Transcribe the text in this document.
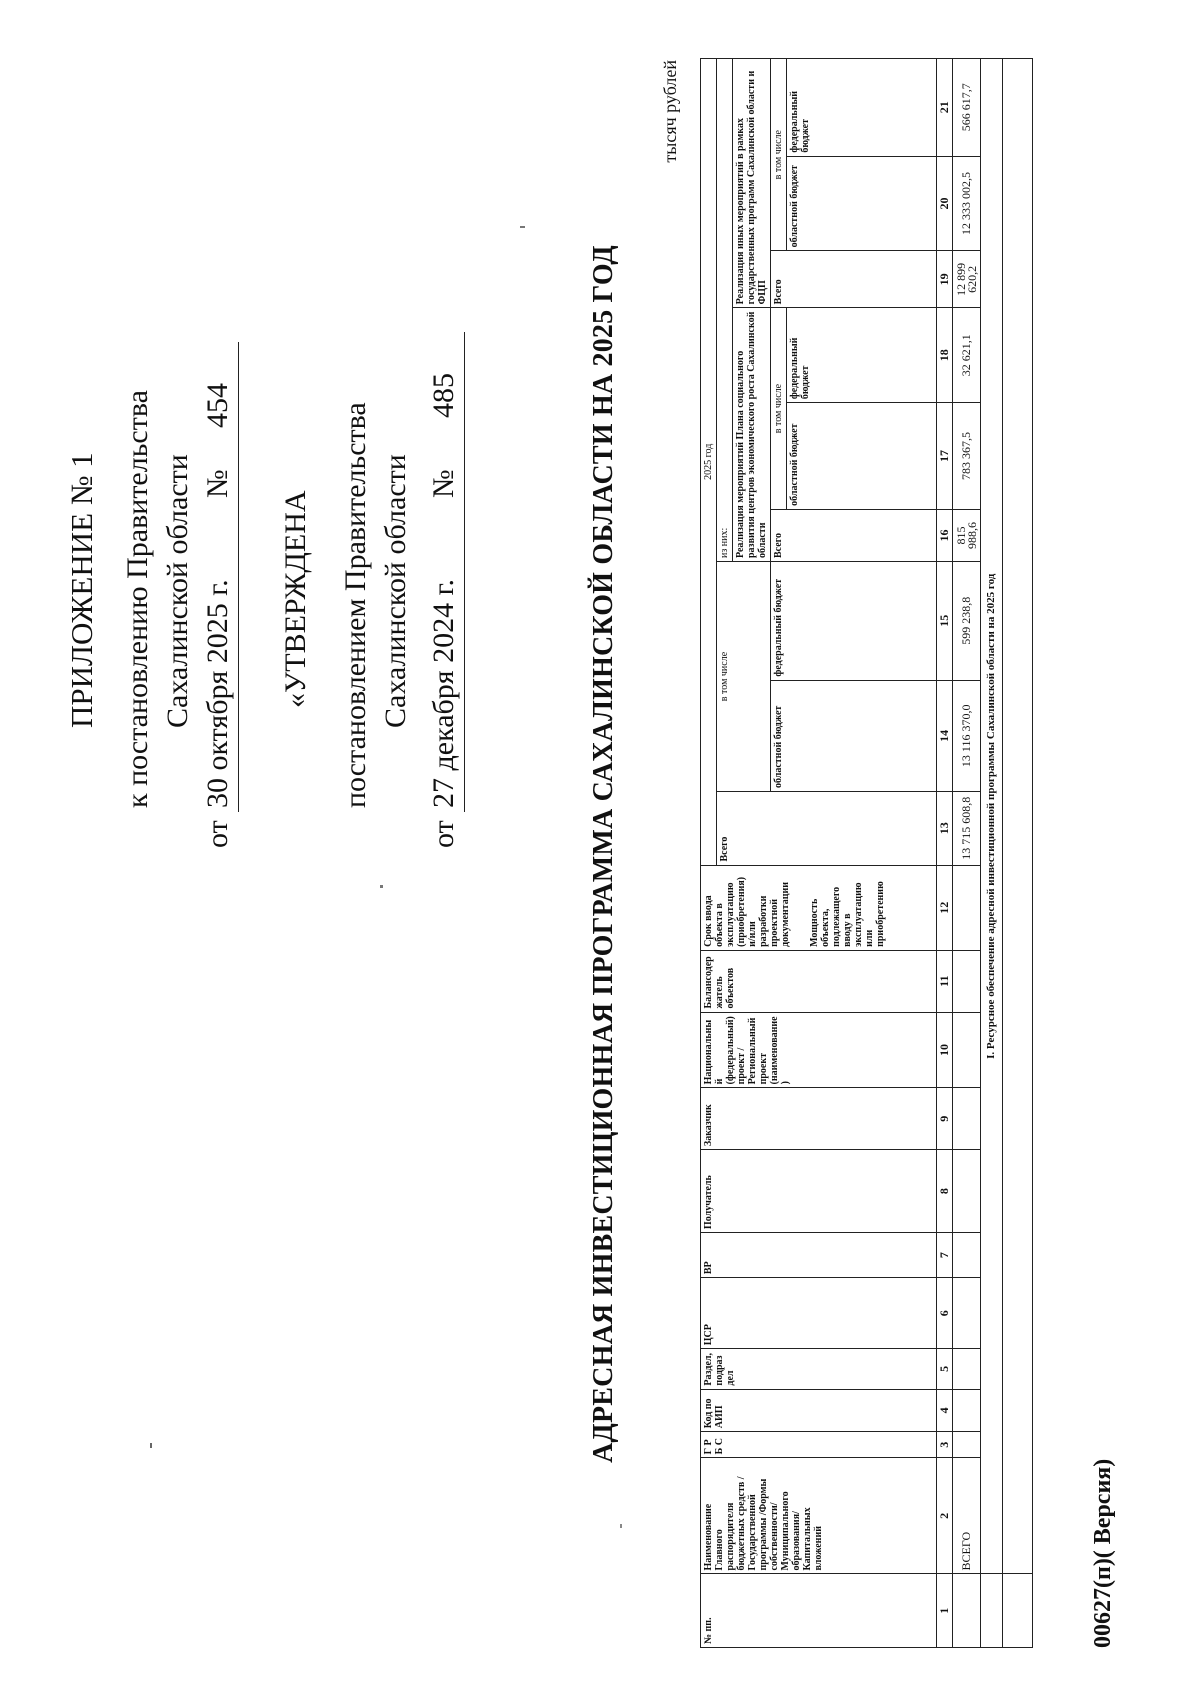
ПРИЛОЖЕНИЕ № 1 к постановлению Правительства Сахалинской области
от
30 октября 2025 г.
№
454
«УТВЕРЖДЕНА постановлением Правительства Сахалинской области
от
27 декабря 2024 г.
№
485	АДРЕСНАЯ ИНВЕСТИЦИОННАЯ ПРОГРАММА САХАЛИНСКОЙ ОБЛАСТИ НА 2025 ГОД
тысяч рублей
№ пп.	Наименование Главного распорядителя бюджетных средств / Государственной программы /Формы собственности/ Муниципального образования/ Капитальных вложений	Г Р Б С	Код по АИП	Раздел, подраздел	ЦСР	ВР	Получатель	Заказчик	Национальный (федеральный) проект / Региональный проект (наименование)	Балансодержатель объектов	Срок ввода объекта в эксплуатацию (приобретения) и/или разработки проектной документации Мощность объекта, подлежащего вводу в эксплуатацию или приобретению	2025 год								
												Всего	в том числе		из них:					
															Реализация мероприятий Плана социального развития центров экономического роста Сахалинской области			Реализация иных мероприятий в рамках государственных программ Сахалинской области и ФЦП		
													областной бюджет	федеральный бюджет	Всего	в том числе		Всего	в том числе	
																областной бюджет	федеральный бюджет		областной бюджет	федеральный бюджет
1	2	3	4	5	6	7	8	9	10	11	12	13	14	15	16	17	18	19	20	21
	ВСЕГО											13 715 608,8	13 116 370,0	599 238,8	815 988,6	783 367,5	32 621,1	12 899 620,2	12 333 002,5	566 617,7
	I. Ресурсное обеспечение адресной инвестиционной программы Сахалинской области на 2025 год																			

00627(п)( Версия)
